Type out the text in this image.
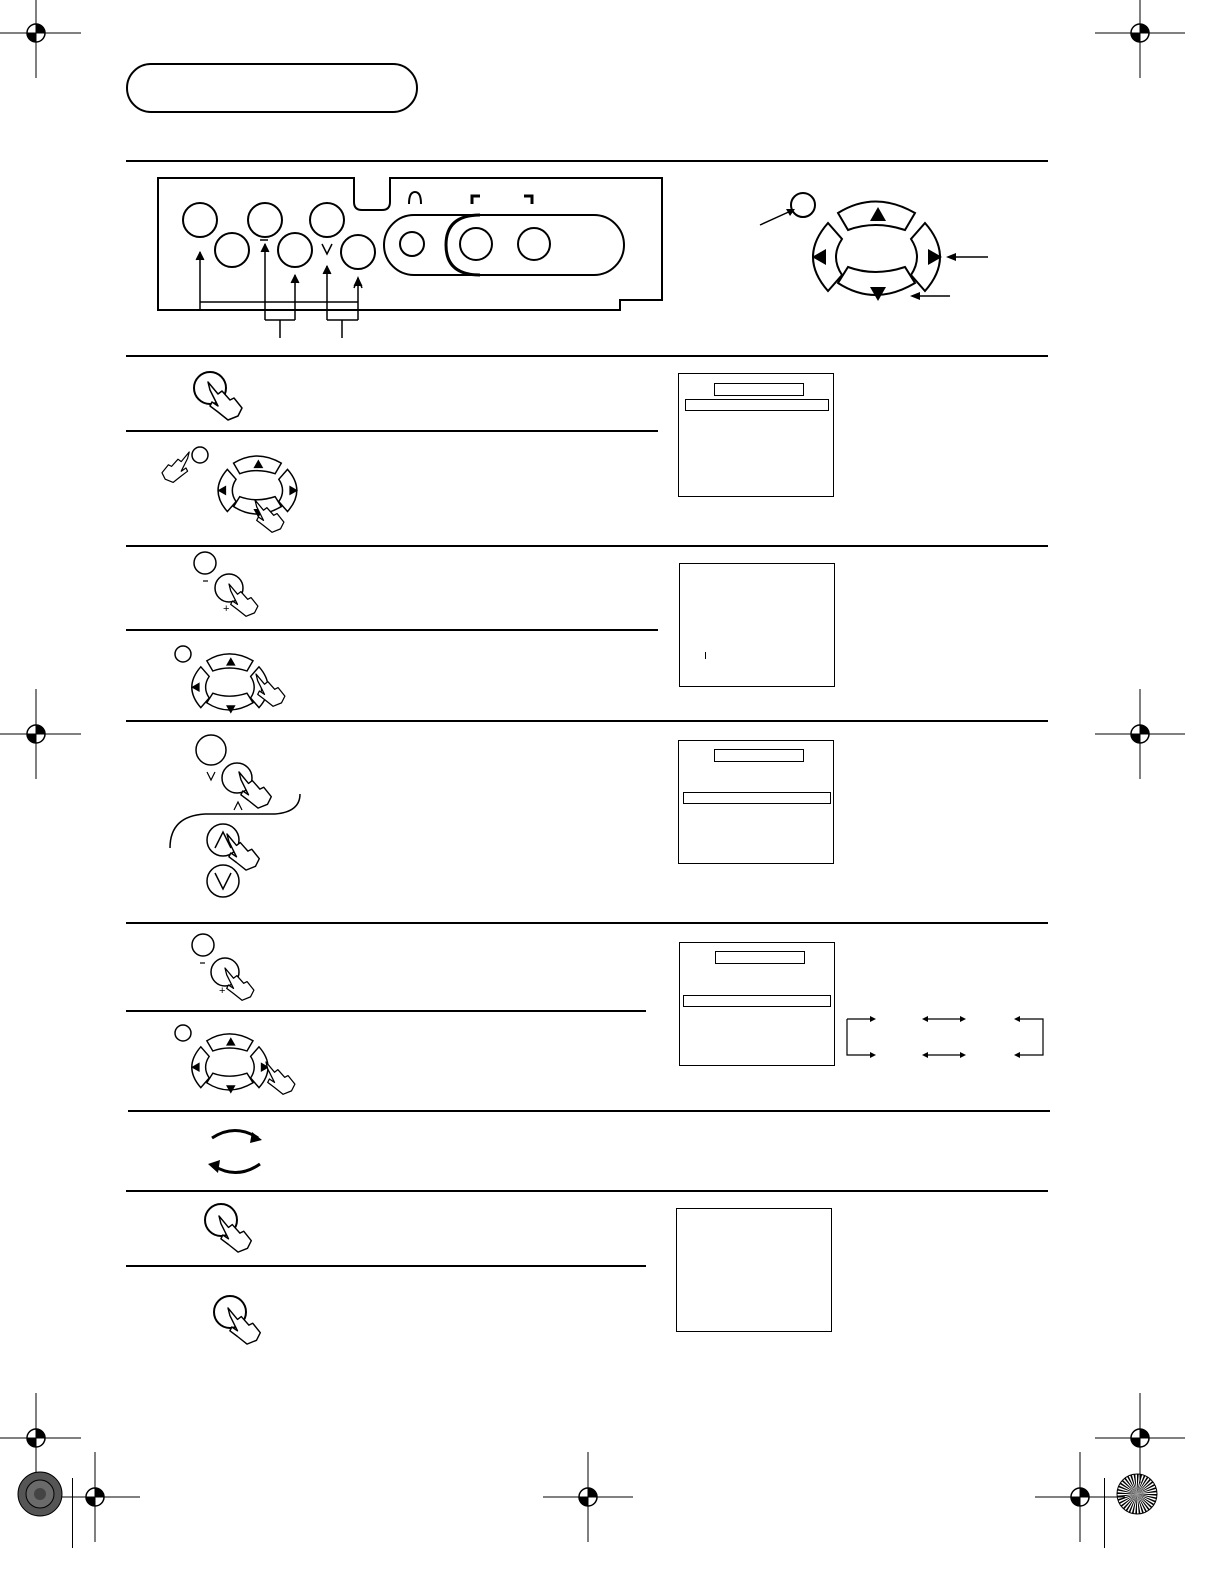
+
+
+
